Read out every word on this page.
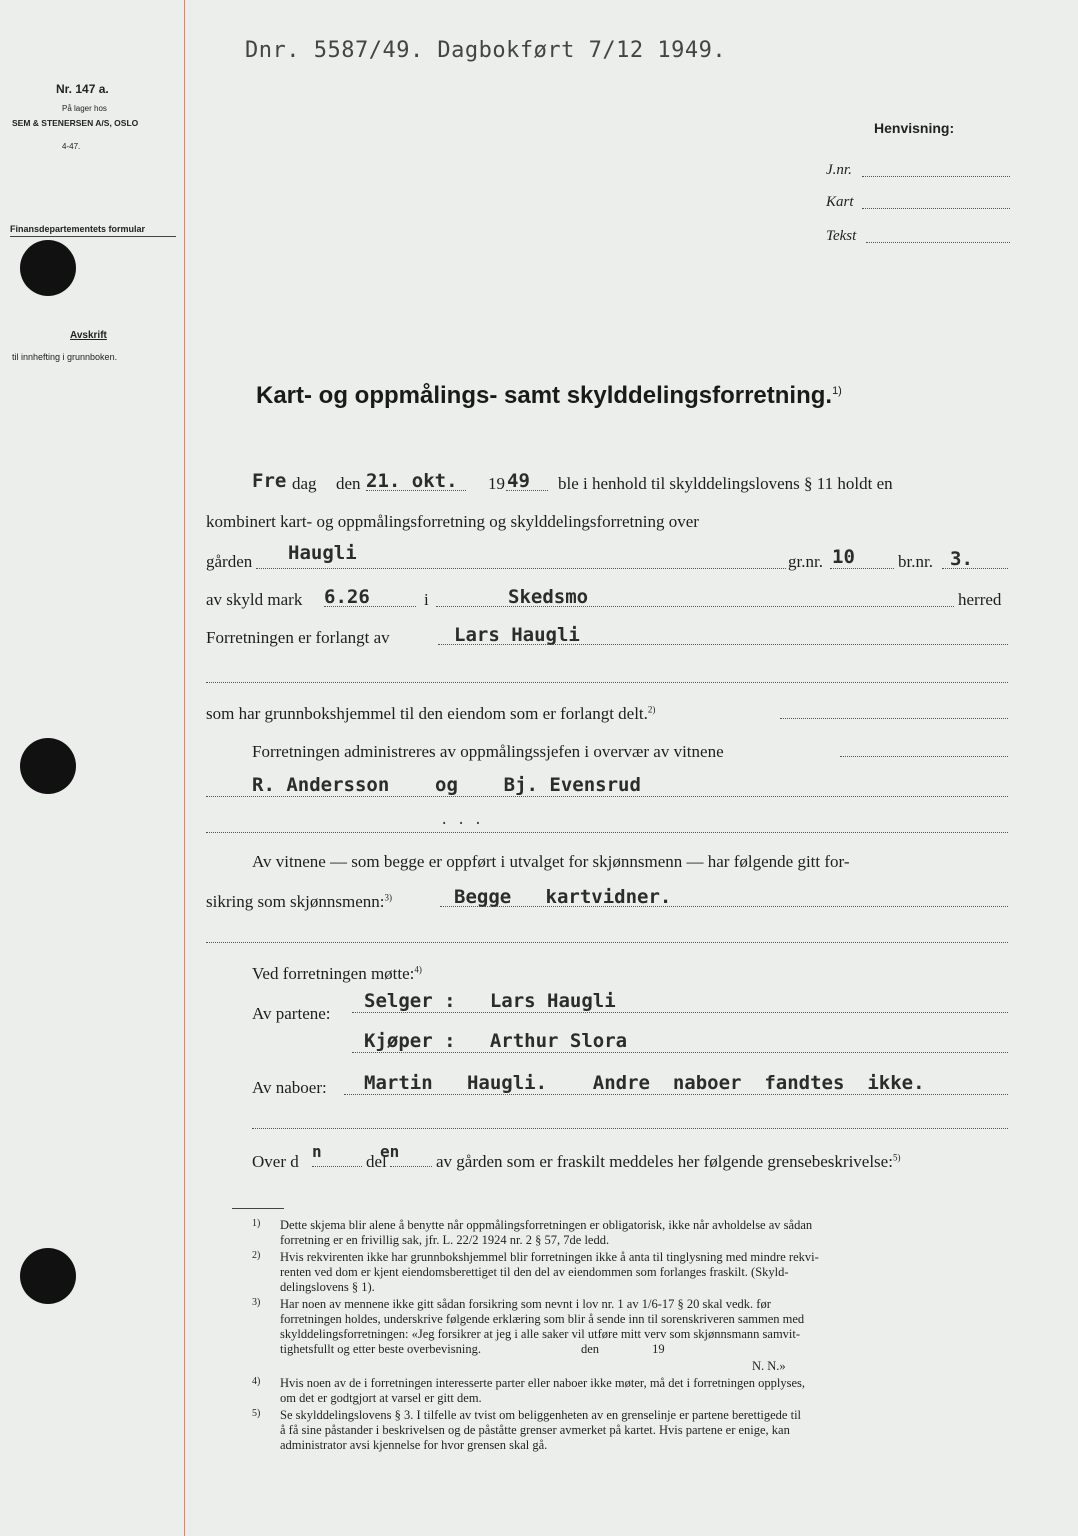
Dnr. 5587/49. Dagbokført 7/12 1949.
Nr. 147 a.
På lager hos
SEM & STENERSEN A/S, OSLO
4-47.
Finansdepartementets formular
Avskrift
til innhefting i grunnboken.
Henvisning:
J.nr.
Kart
Tekst
Kart- og oppmålings- samt skylddelingsforretning.$^{1)}$
Fre dag den 21. okt. 19 49 ble i henhold til skylddelingslovens § 11 holdt en
kombinert kart- og oppmålingsforretning og skylddelingsforretning over
gården Haugli	gr.nr. 10	br.nr. 3.
av skyld mark 6.26	i	Skedsmo	herred
Forretningen er forlangt av	Lars Haugli
som har grunnbokshjemmel til den eiendom som er forlangt delt.$^{2)}$
Forretningen administreres av oppmålingssjefen i overvær av vitnene
R. Andersson    og    Bj. Evensrud
. . .
Av vitnene — som begge er oppført i utvalget for skjønnsmenn — har følgende gitt for-
sikring som skjønnsmenn:$^{3)}$	Begge   kartvidner.
Ved forretningen møtte:$^{4)}$
Selger :   Lars Haugli
Av partene:
Kjøper :   Arthur Slora
Av naboer: Martin   Haugli.    Andre  naboer  fandtes  ikke.
Over d
n
del
en
av gården som er fraskilt meddeles her følgende grensebeskrivelse:$^{5)}$
1) Dette skjema blir alene å benytte når oppmålingsforretningen er obligatorisk, ikke når avholdelse av sådan
forretning er en frivillig sak, jfr. L. 22/2 1924 nr. 2 § 57, 7de ledd.
2) Hvis rekvirenten ikke har grunnbokshjemmel blir forretningen ikke å anta til tinglysning med mindre rekvi-
renten ved dom er kjent eiendomsberettiget til den del av eiendommen som forlanges fraskilt. (Skyld-
delingslovens § 1).
3) Har noen av mennene ikke gitt sådan forsikring som nevnt i lov nr. 1 av 1/6-17 § 20 skal vedk. før
forretningen holdes, underskrive følgende erklæring som blir å sende inn til sorenskriveren sammen med
skylddelingsforretningen: «Jeg forsikrer at jeg i alle saker vil utføre mitt verv som skjønnsmann samvit-
tighetsfullt og etter beste overbevisning.                                den                 19
N. N.»
4) Hvis noen av de i forretningen interesserte parter eller naboer ikke møter, må det i forretningen opplyses,
om det er godtgjort at varsel er gitt dem.
5) Se skylddelingslovens § 3. I tilfelle av tvist om beliggenheten av en grenselinje er partene berettigede til
å få sine påstander i beskrivelsen og de påståtte grenser avmerket på kartet. Hvis partene er enige, kan
administrator avsi kjennelse for hvor grensen skal gå.
